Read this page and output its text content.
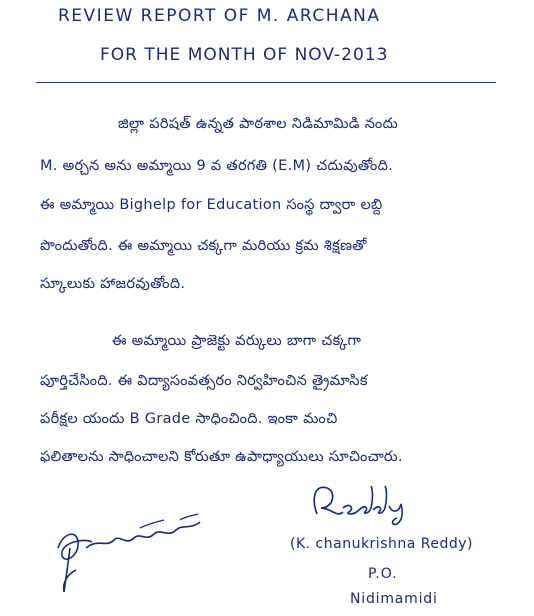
REVIEW REPORT OF M. ARCHANA
FOR THE MONTH OF NOV-2013
జిల్లా పరిషత్ ఉన్నత పాఠశాల నిడిమామిడి నందు
M. అర్చన అను అమ్మాయి 9 వ తరగతి (E.M) చదువుతోంది.
ఈ అమ్మాయి Bighelp for Education సంస్థ ద్వారా లబ్ది
పొందుతోంది. ఈ అమ్మాయి చక్కగా మరియు క్రమ శిక్షణతో
స్కూలుకు హాజరవుతోంది.
ఈ అమ్మాయి ప్రాజెక్టు వర్కులు బాగా చక్కగా
పూర్తిచేసింది. ఈ విద్యాసంవత్సరం నిర్వహించిన త్రైమాసిక
పరీక్షల యందు B Grade సాధించింది. ఇంకా మంచి
ఫలితాలను సాధించాలని కోరుతూ ఉపాధ్యాయులు సూచించారు.
(K. chanukrishna Reddy)
P.O.
Nidimamidi
